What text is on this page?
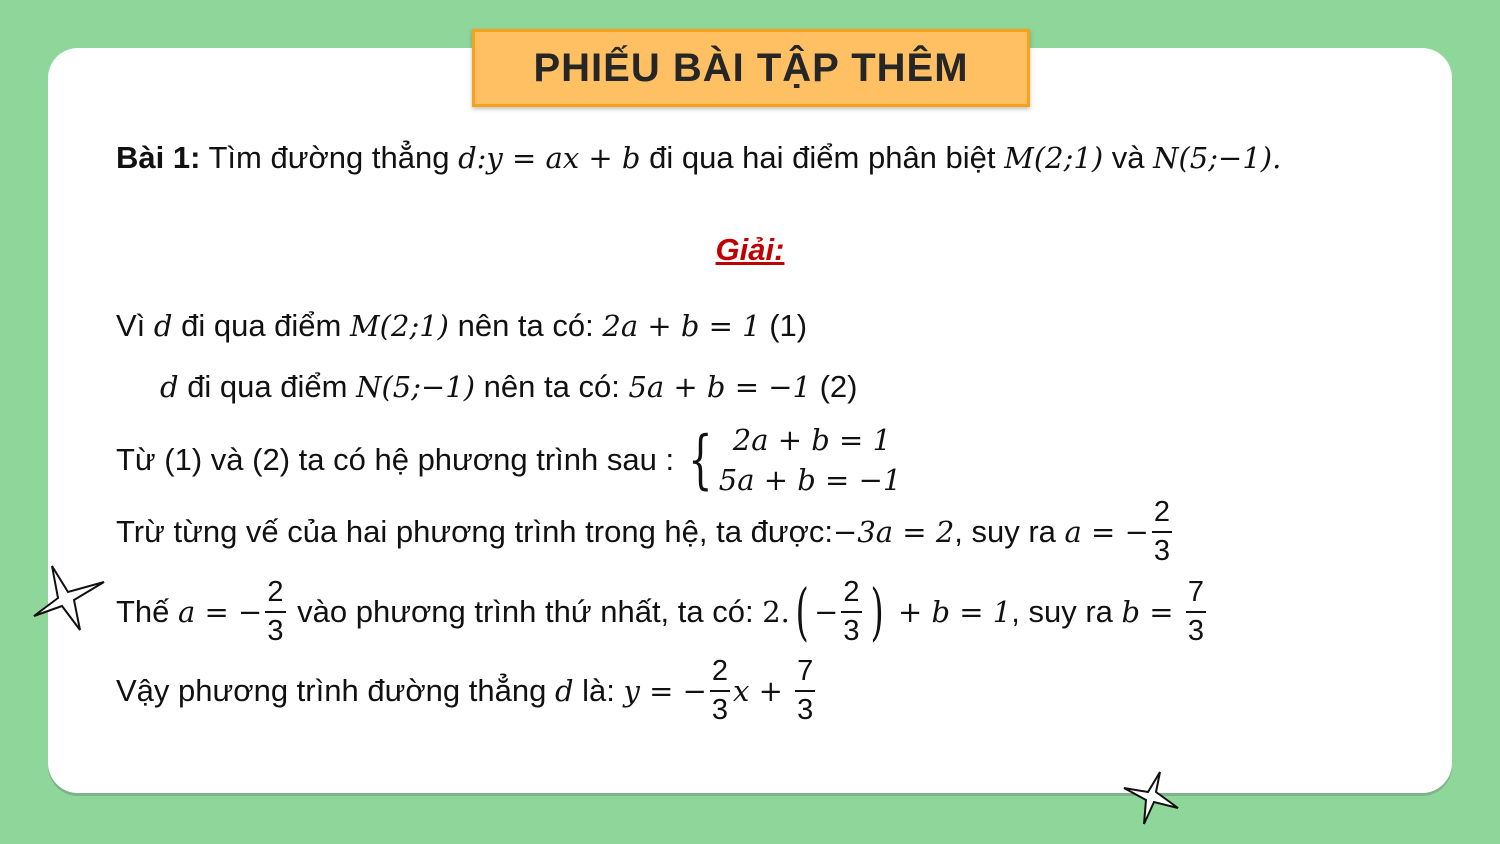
PHIẾU BÀI TẬP THÊM
Bài 1: Tìm đường thẳng d:y = ax + b đi qua hai điểm phân biệt M(2;1) và N(5;−1).
Giải:
Vì d đi qua điểm M(2;1) nên ta có: 2a + b = 1 (1)
d đi qua điểm N(5;−1) nên ta có: 5a + b = −1 (2)
Từ (1) và (2) ta có hệ phương trình sau : { 2a + b = 1
5a + b = −1
Trừ từng vế của hai phương trình trong hệ, ta được: −3a = 2 , suy ra a = − $\frac{2}{3}$
Thế a = − $\frac{2}{3}$ vào phương trình thứ nhất, ta có: 2. ( − $\frac{2}{3}$ ) + b = 1 , suy ra $b = \frac{7}{3}$
Vậy phương trình đường thẳng d là: y = − $\frac{2}{3}$ $x + \frac{7}{3}$
